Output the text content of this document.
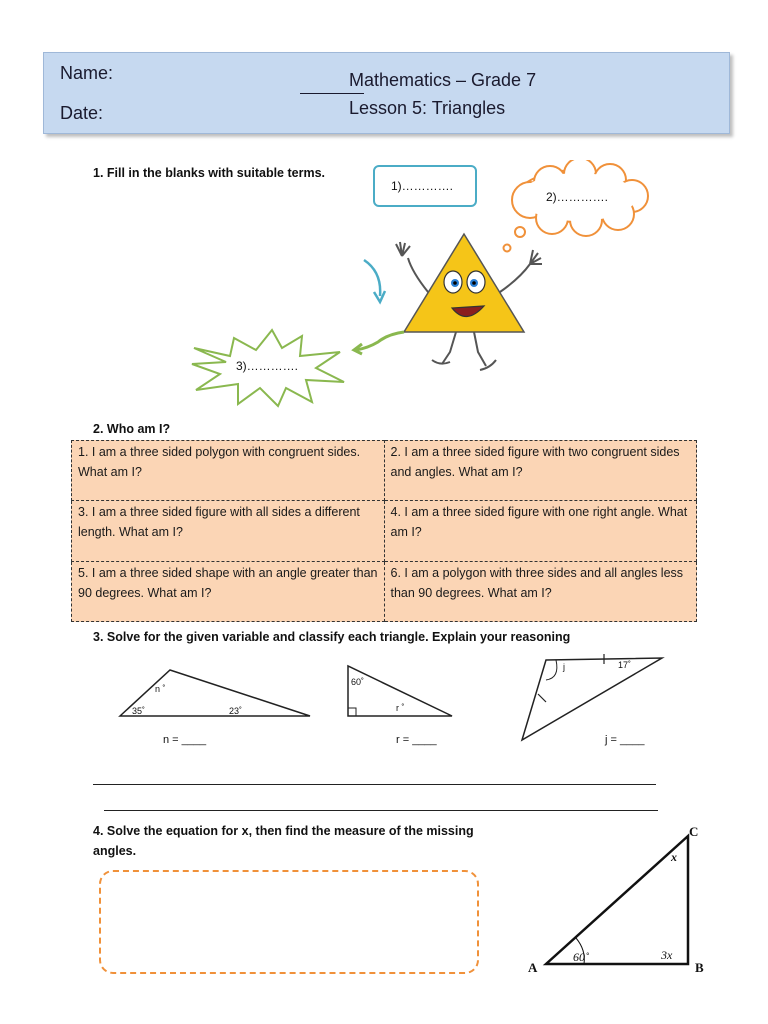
Name:
Date:
Mathematics – Grade 7
Lesson 5: Triangles
1. Fill in the blanks with suitable terms.
1)………….
2)………….
3)………….
2. Who am I?
1. I am a three sided polygon with congruent sides. What am I?	2. I am a three sided figure with two congruent sides and angles. What am I?
3. I am a three sided figure with all sides a different length. What am I?	4. I am a three sided figure with one right angle. What am I?
5. I am a three sided shape with an angle greater than 90 degrees. What am I?	6. I am a polygon with three sides and all angles less than 90 degrees. What am I?
3. Solve for the given variable and classify each triangle. Explain your reasoning
n ˚
35˚	23˚
n = ____
60˚
r ˚
r = ____
j	17˚
j = ____
4. Solve the equation for x, then find the measure of the missing
angles.
A	B
C
x
3x
60˚
